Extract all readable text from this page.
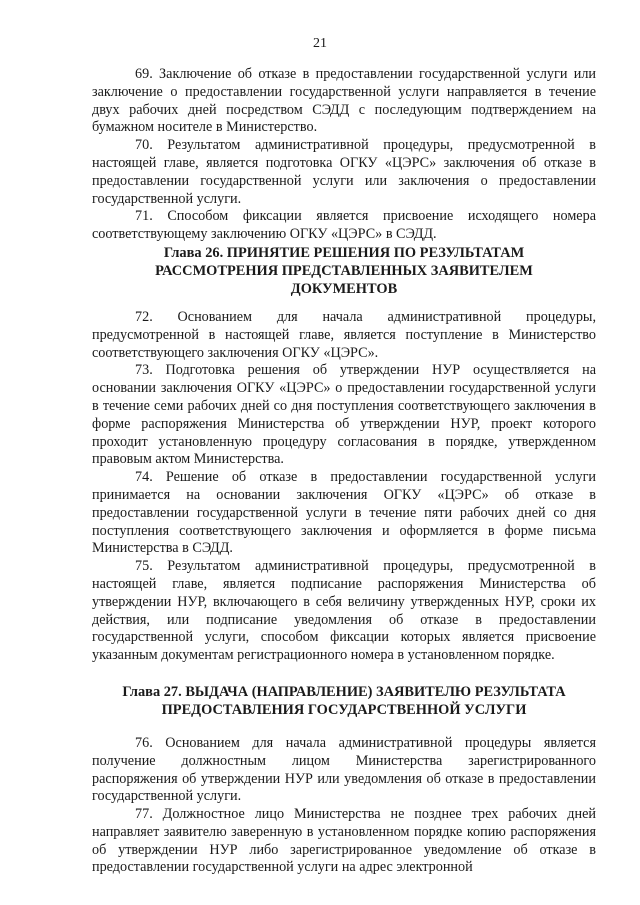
21

69. Заключение об отказе в предоставлении государственной услуги или заключение о предоставлении государственной услуги направляется в течение двух рабочих дней посредством СЭДД с последующим подтверждением на бумажном носителе в Министерство.

70. Результатом административной процедуры, предусмотренной в настоящей главе, является подготовка ОГКУ «ЦЭРС» заключения об отказе в предоставлении государственной услуги или заключения о предоставлении государственной услуги.

71. Способом фиксации является присвоение исходящего номера соответствующему заключению ОГКУ «ЦЭРС» в СЭДД.

Глава 26. ПРИНЯТИЕ РЕШЕНИЯ ПО РЕЗУЛЬТАТАМ
РАССМОТРЕНИЯ ПРЕДСТАВЛЕННЫХ ЗАЯВИТЕЛЕМ
ДОКУМЕНТОВ

72. Основанием для начала административной процедуры, предусмотренной в настоящей главе, является поступление в Министерство соответствующего заключения ОГКУ «ЦЭРС».

73. Подготовка решения об утверждении НУР осуществляется на основании заключения ОГКУ «ЦЭРС» о предоставлении государственной услуги в течение семи рабочих дней со дня поступления соответствующего заключения в форме распоряжения Министерства об утверждении НУР, проект которого проходит установленную процедуру согласования в порядке, утвержденном правовым актом Министерства.

74. Решение об отказе в предоставлении государственной услуги принимается на основании заключения ОГКУ «ЦЭРС» об отказе в предоставлении государственной услуги в течение пяти рабочих дней со дня поступления соответствующего заключения и оформляется в форме письма Министерства в СЭДД.

75. Результатом административной процедуры, предусмотренной в настоящей главе, является подписание распоряжения Министерства об утверждении НУР, включающего в себя величину утвержденных НУР, сроки их действия, или подписание уведомления об отказе в предоставлении государственной услуги, способом фиксации которых является присвоение указанным документам регистрационного номера в установленном порядке.

Глава 27. ВЫДАЧА (НАПРАВЛЕНИЕ) ЗАЯВИТЕЛЮ РЕЗУЛЬТАТА
ПРЕДОСТАВЛЕНИЯ ГОСУДАРСТВЕННОЙ УСЛУГИ

76. Основанием для начала административной процедуры является получение должностным лицом Министерства зарегистрированного распоряжения об утверждении НУР или уведомления об отказе в предоставлении государственной услуги.

77. Должностное лицо Министерства не позднее трех рабочих дней направляет заявителю заверенную в установленном порядке копию распоряжения об утверждении НУР либо зарегистрированное уведомление об отказе в предоставлении государственной услуги на адрес электронной
